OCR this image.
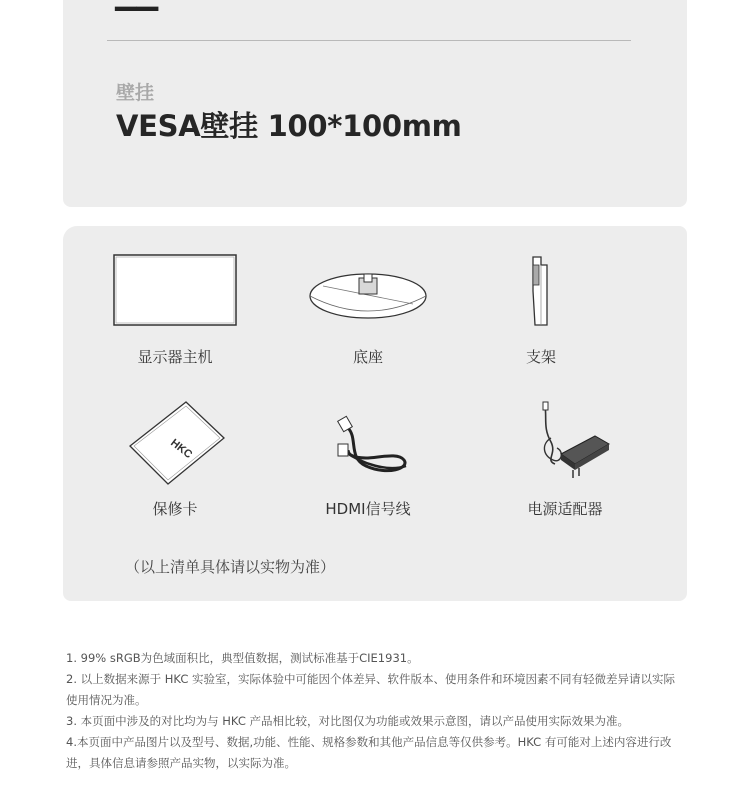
壁挂
VESA壁挂 100*100mm
显示器主机	底座	支架
HKC
保修卡	HDMI信号线	电源适配器
（以上清单具体请以实物为准）
1. 99% sRGB为色域面积比，典型值数据，测试标准基于CIE1931。
2. 以上数据来源于 HKC 实验室，实际体验中可能因个体差异、软件版本、使用条件和环境因素不同有轻微差异请以实际使用情况为准。
3. 本页面中涉及的对比均为与 HKC 产品相比较，对比图仅为功能或效果示意图，请以产品使用实际效果为准。
4.本页面中产品图片以及型号、数据,功能、性能、规格参数和其他产品信息等仅供参考。HKC 有可能对上述内容进行改进，具体信息请参照产品实物，以实际为准。
